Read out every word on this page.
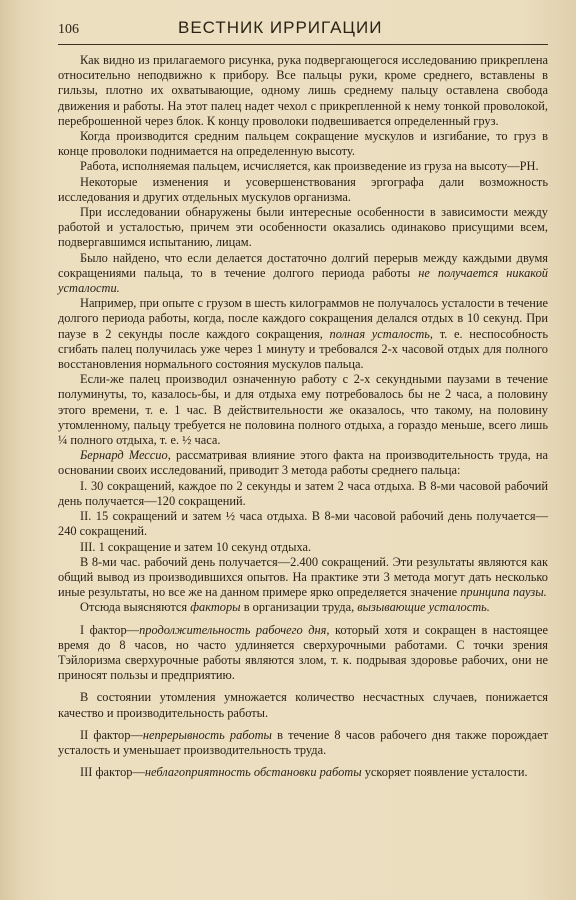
106	ВЕСТНИК ИРРИГАЦИИ

Как видно из прилагаемого рисунка, рука подвергающегося исследованию прикреплена относительно неподвижно к прибору. Все пальцы руки, кроме среднего, вставлены в гильзы, плотно их охватывающие, одному лишь среднему пальцу оставлена свобода движения и работы. На этот палец надет чехол с прикрепленной к нему тонкой проволокой, переброшенной через блок. К концу проволоки подвешивается определенный груз.

Когда производится средним пальцем сокращение мускулов и изгибание, то груз в конце проволоки поднимается на определенную высоту.

Работа, исполняемая пальцем, исчисляется, как произведение из груза на высоту—PH.

Некоторые изменения и усовершенствования эргографа дали возможность исследования и других отдельных мускулов организма.

При исследовании обнаружены были интересные особенности в зависимости между работой и усталостью, причем эти особенности оказались одинаково присущими всем, подвергавшимся испытанию, лицам.

Было найдено, что если делается достаточно долгий перерыв между каждыми двумя сокращениями пальца, то в течение долгого периода работы не получается никакой усталости.

Например, при опыте с грузом в шесть килограммов не получалось усталости в течение долгого периода работы, когда, после каждого сокращения делался отдых в 10 секунд. При паузе в 2 секунды после каждого сокращения, полная усталость, т. е. неспособность сгибать палец получилась уже через 1 минуту и требовался 2-х часовой отдых для полного восстановления нормального состояния мускулов пальца.

Если-же палец производил означенную работу с 2-х секундными паузами в течение полуминуты, то, казалось-бы, и для отдыха ему потребовалось бы не 2 часа, а половину этого времени, т. е. 1 час. В действительности же оказалось, что такому, на половину утомленному, пальцу требуется не половина полного отдыха, а гораздо меньше, всего лишь ¼ полного отдыха, т. е. ½ часа.

Бернард Мессио, рассматривая влияние этого факта на производительность труда, на основании своих исследований, приводит 3 метода работы среднего пальца:

I. 30 сокращений, каждое по 2 секунды и затем 2 часа отдыха. В 8-ми часовой рабочий день получается—120 сокращений.

II. 15 сокращений и затем ½ часа отдыха. В 8-ми часовой рабочий день получается—240 сокращений.

III. 1 сокращение и затем 10 секунд отдыха.

В 8-ми час. рабочий день получается—2.400 сокращений. Эти результаты являются как общий вывод из производившихся опытов. На практике эти 3 метода могут дать несколько иные результаты, но все же на данном примере ярко определяется значение принципа паузы.

Отсюда выясняются факторы в организации труда, вызывающие усталость.

I фактор—продолжительность рабочего дня, который хотя и сокращен в настоящее время до 8 часов, но часто удлиняется сверхурочными работами. С точки зрения Тэйлоризма сверхурочные работы являются злом, т. к. подрывая здоровье рабочих, они не приносят пользы и предприятию.

В состоянии утомления умножается количество несчастных случаев, понижается качество и производительность работы.

II фактор—непрерывность работы в течение 8 часов рабочего дня также порождает усталость и уменьшает производительность труда.

III фактор—неблагоприятность обстановки работы ускоряет появление усталости.
